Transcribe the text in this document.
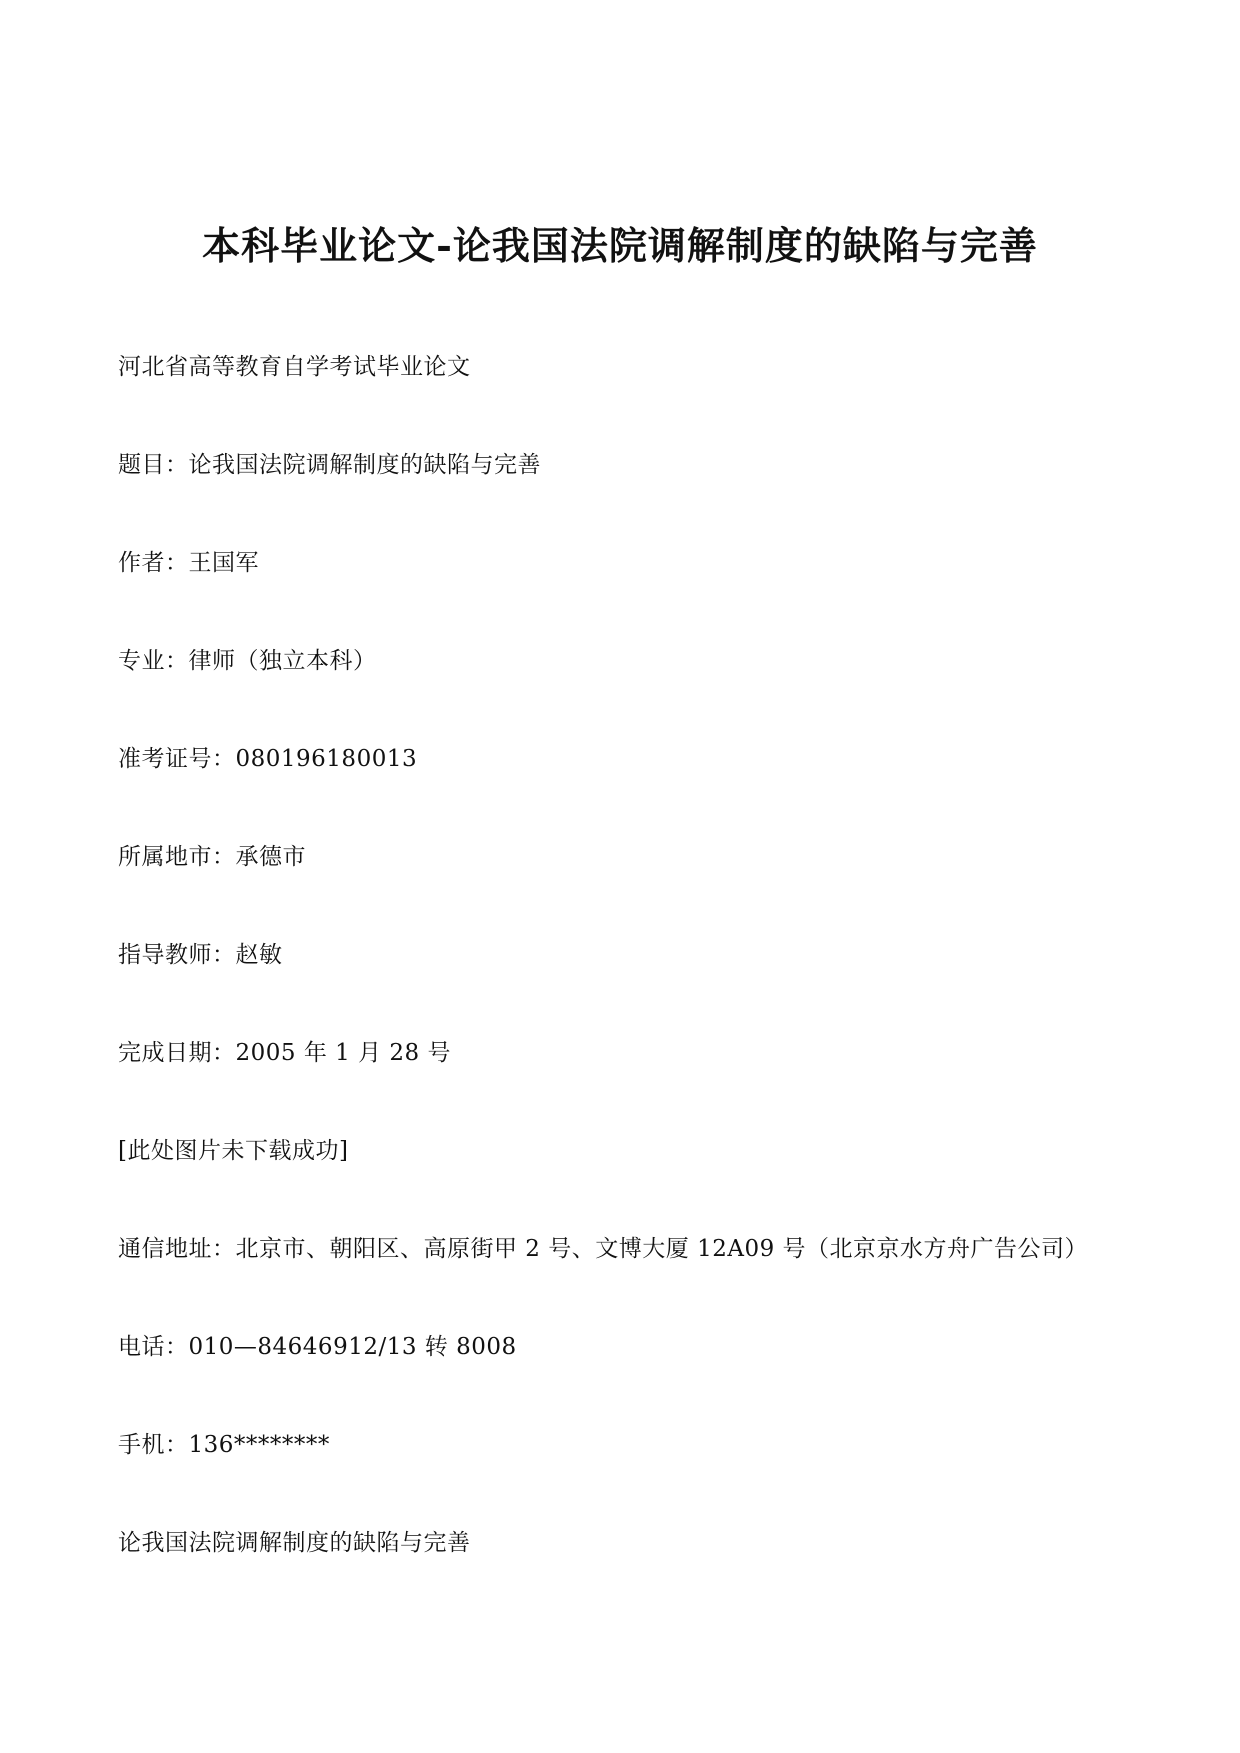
本科毕业论文-论我国法院调解制度的缺陷与完善
河北省高等教育自学考试毕业论文
题目：论我国法院调解制度的缺陷与完善
作者：王国军
专业：律师（独立本科）
准考证号：080196180013
所属地市：承德市
指导教师：赵敏
完成日期：2005 年 1 月 28 号
[此处图片未下载成功]
通信地址：北京市、朝阳区、高原街甲 2 号、文博大厦 12A09 号（北京京水方舟广告公司）
电话：010—84646912/13 转 8008
手机：136********
论我国法院调解制度的缺陷与完善
